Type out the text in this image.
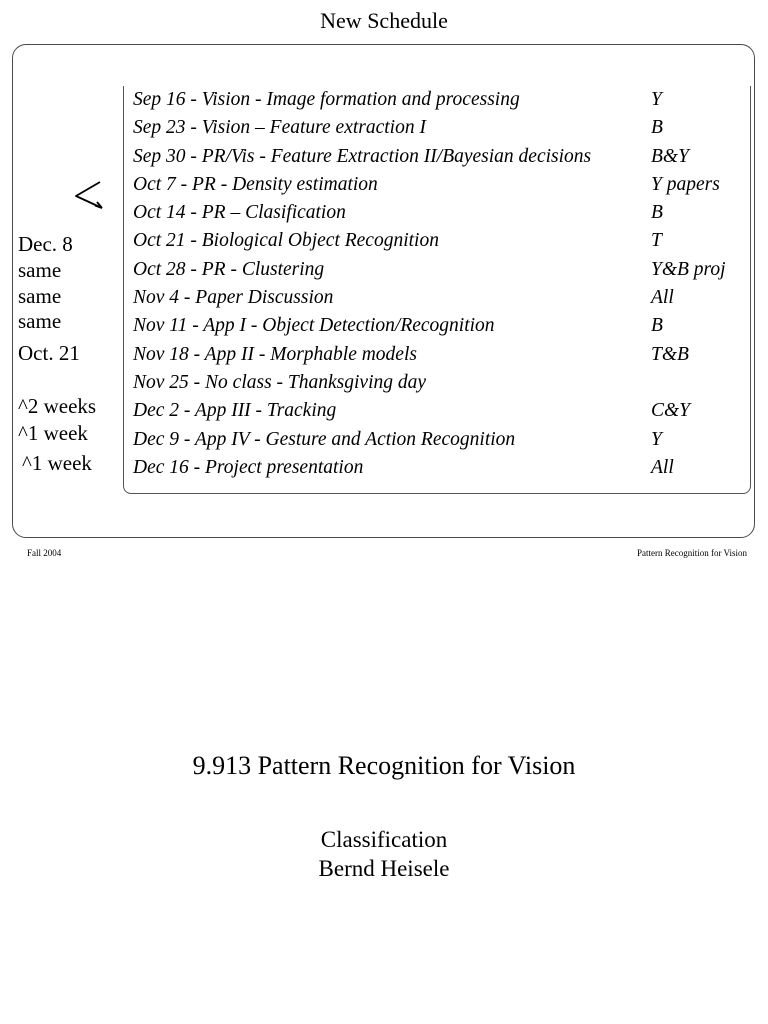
New Schedule
Sep 16 - Vision - Image formation and processing	Y
Sep 23 - Vision – Feature extraction I	B
Sep 30 - PR/Vis - Feature Extraction II/Bayesian decisions	B&Y
Oct 7 - PR - Density estimation	Y papers
Oct 14 - PR – Clasification	B
Oct 21 - Biological Object Recognition	T
Oct 28 - PR - Clustering	Y&B proj
Nov 4 - Paper Discussion	All
Nov 11 - App I - Object Detection/Recognition	B
Nov 18 - App II - Morphable models	T&B
Nov 25 - No class - Thanksgiving day
Dec 2 - App III - Tracking	C&Y
Dec 9 - App IV - Gesture and Action Recognition	Y
Dec 16 - Project presentation	All
Dec. 8
same
same
same
Oct. 21
^2 weeks
^1 week
^1 week
Fall 2004	Pattern Recognition for Vision
9.913 Pattern Recognition for Vision
Classification
Bernd Heisele
